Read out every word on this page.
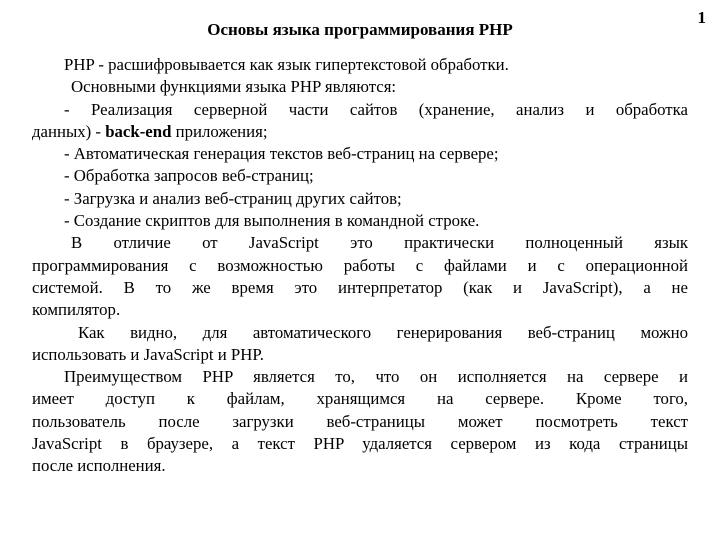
1
Основы языка программирования PHP
PHP - расшифровывается как язык гипертекстовой обработки.
Основными функциями языка PHP являются:
- Реализация серверной части сайтов (хранение, анализ и обработка
данных) - back-end приложения;
- Автоматическая генерация текстов веб-страниц на сервере;
- Обработка запросов веб-страниц;
- Загрузка и анализ веб-страниц других сайтов;
- Создание скриптов для выполнения в командной строке.
В отличие от JavaScript это практически полноценный язык
программирования с возможностью работы с файлами и с операционной
системой. В то же время это интерпретатор (как и JavaScript), а не
компилятор.
Как видно, для автоматического генерирования веб-страниц можно
использовать и JavaScript и PHP.
Преимуществом PHP является то, что он исполняется на сервере и
имеет доступ к файлам, хранящимся на сервере. Кроме того,
пользователь после загрузки веб-страницы может посмотреть текст
JavaScript в браузере, а текст PHP удаляется сервером из кода страницы
после исполнения.
